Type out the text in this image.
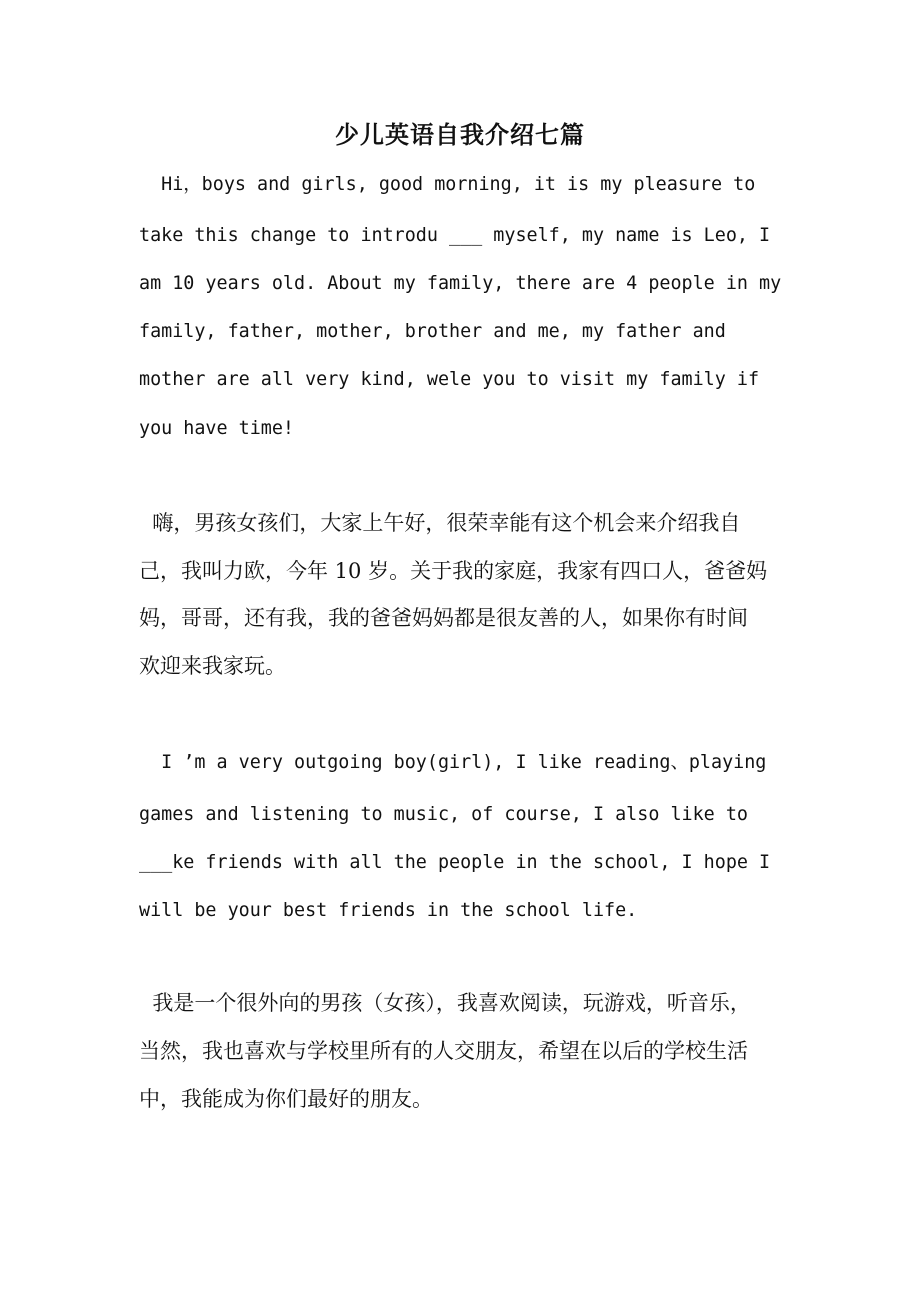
少儿英语自我介绍七篇

Hi，boys and girls, good morning, it is my pleasure to

take this change to introdu ___ myself, my name is Leo, I

am 10 years old. About my family, there are 4 people in my

family, father, mother, brother and me, my father and

mother are all very kind, wele you to visit my family if

you have time!

嗨，男孩女孩们，大家上午好，很荣幸能有这个机会来介绍我自

己，我叫力欧，今年 10 岁。关于我的家庭，我家有四口人，爸爸妈

妈，哥哥，还有我，我的爸爸妈妈都是很友善的人，如果你有时间

欢迎来我家玩。

I ’m a very outgoing boy(girl), I like reading、playing

games and listening to music, of course, I also like to

___ke friends with all the people in the school, I hope I

will be your best friends in the school life.

我是一个很外向的男孩（女孩），我喜欢阅读，玩游戏，听音乐，

当然，我也喜欢与学校里所有的人交朋友，希望在以后的学校生活

中，我能成为你们最好的朋友。
